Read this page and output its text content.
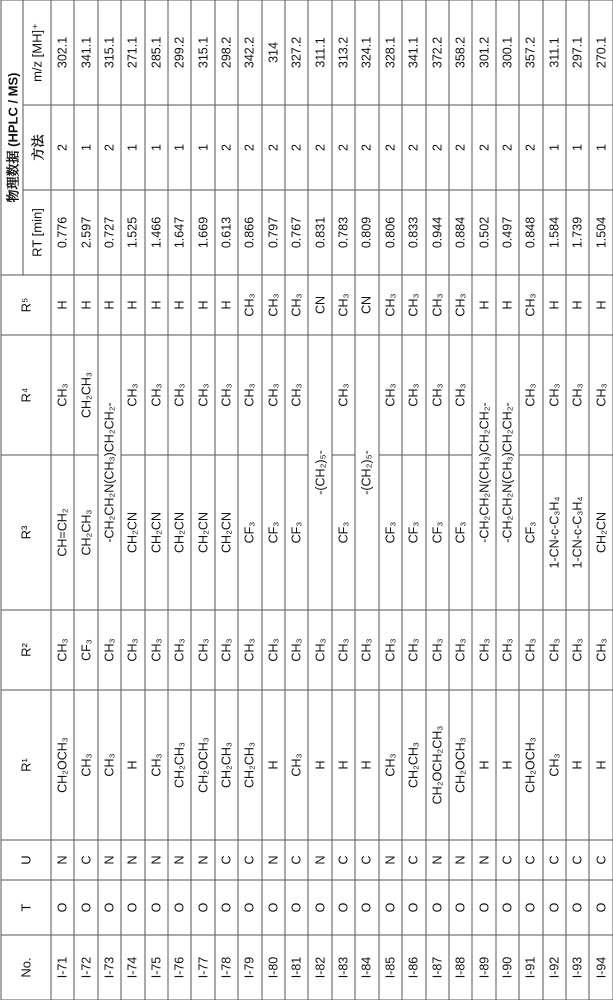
No.	T	U	R¹	R²	R³	R⁴	R⁵	物理数据 (HPLC / MS)
RT [min]	方法	m/z [MH]⁺
I-71	O	N	CH₂OCH₃	CH₃	CH=CH₂	CH₃	H	0.776	2	302.1
I-72	O	C	CH₃	CF₃	CH₂CH₃	CH₂CH₃	H	2.597	1	341.1
I-73	O	N	CH₃	CH₃	-CH₂CH₂N(CH₃)CH₂CH₂-	H	0.727	2	315.1
I-74	O	N	H	CH₃	CH₂CN	CH₃	H	1.525	1	271.1
I-75	O	N	CH₃	CH₃	CH₂CN	CH₃	H	1.466	1	285.1
I-76	O	N	CH₂CH₃	CH₃	CH₂CN	CH₃	H	1.647	1	299.2
I-77	O	N	CH₂OCH₃	CH₃	CH₂CN	CH₃	H	1.669	1	315.1
I-78	O	C	CH₂CH₃	CH₃	CH₂CN	CH₃	H	0.613	2	298.2
I-79	O	C	CH₂CH₃	CH₃	CF₃	CH₃	CH₃	0.866	2	342.2
I-80	O	N	H	CH₃	CF₃	CH₃	CH₃	0.797	2	314
I-81	O	C	CH₃	CH₃	CF₃	CH₃	CH₃	0.767	2	327.2
I-82	O	N	H	CH₃	-(CH₂)₅-	CN	0.831	2	311.1
I-83	O	C	H	CH₃	CF₃	CH₃	CH₃	0.783	2	313.2
I-84	O	C	H	CH₃	-(CH₂)₅-	CN	0.809	2	324.1
I-85	O	N	CH₃	CH₃	CF₃	CH₃	CH₃	0.806	2	328.1
I-86	O	C	CH₂CH₃	CH₃	CF₃	CH₃	CH₃	0.833	2	341.1
I-87	O	N	CH₂OCH₂CH₃	CH₃	CF₃	CH₃	CH₃	0.944	2	372.2
I-88	O	N	CH₂OCH₃	CH₃	CF₃	CH₃	CH₃	0.884	2	358.2
I-89	O	N	H	CH₃	-CH₂CH₂N(CH₃)CH₂CH₂-	H	0.502	2	301.2
I-90	O	C	H	CH₃	-CH₂CH₂N(CH₃)CH₂CH₂-	H	0.497	2	300.1
I-91	O	C	CH₂OCH₃	CH₃	CF₃	CH₃	CH₃	0.848	2	357.2
I-92	O	C	CH₃	CH₃	1-CN-c-C₃H₄	CH₃	H	1.584	1	311.1
I-93	O	C	H	CH₃	1-CN-c-C₃H₄	CH₃	H	1.739	1	297.1
I-94	O	C	H	CH₃	CH₂CN	CH₃	H	1.504	1	270.1
